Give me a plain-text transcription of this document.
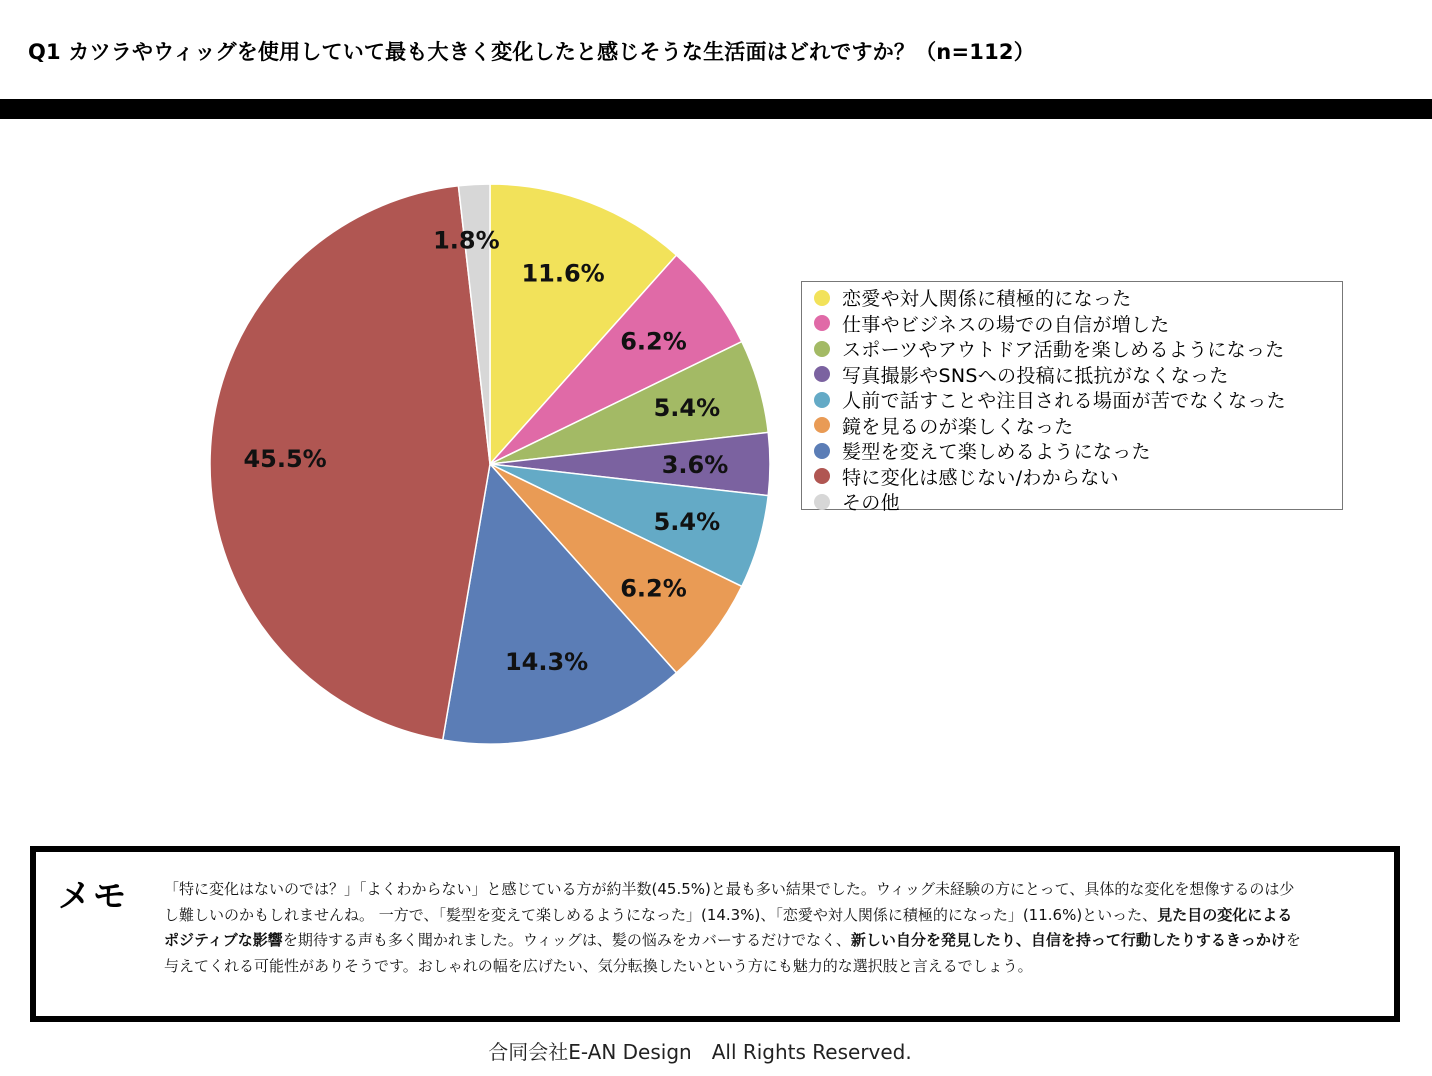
Q1 カツラやウィッグを使用していて最も大きく変化したと感じそうな生活面はどれですか？（n=112）
11.6%
6.2%
5.4%
3.6%
5.4%
6.2%
14.3%
45.5%
1.8%
恋愛や対人関係に積極的になった
仕事やビジネスの場での自信が増した
スポーツやアウトドア活動を楽しめるようになった
写真撮影やSNSへの投稿に抵抗がなくなった
人前で話すことや注目される場面が苦でなくなった
鏡を見るのが楽しくなった
髪型を変えて楽しめるようになった
特に変化は感じない/わからない
その他
メモ 「特に変化はないのでは？」「よくわからない」と感じている方が約半数(45.5%)と最も多い結果でした。ウィッグ未経験の方にとって、具体的な変化を想像するのは少し難しいのかもしれませんね。 一方で、「髪型を変えて楽しめるようになった」(14.3%)、「恋愛や対人関係に積極的になった」(11.6%)といった、見た目の変化によるポジティブな影響を期待する声も多く聞かれました。ウィッグは、髪の悩みをカバーするだけでなく、新しい自分を発見したり、自信を持って行動したりするきっかけを与えてくれる可能性がありそうです。おしゃれの幅を広げたい、気分転換したいという方にも魅力的な選択肢と言えるでしょう。
合同会社E-AN Design　All Rights Reserved.
